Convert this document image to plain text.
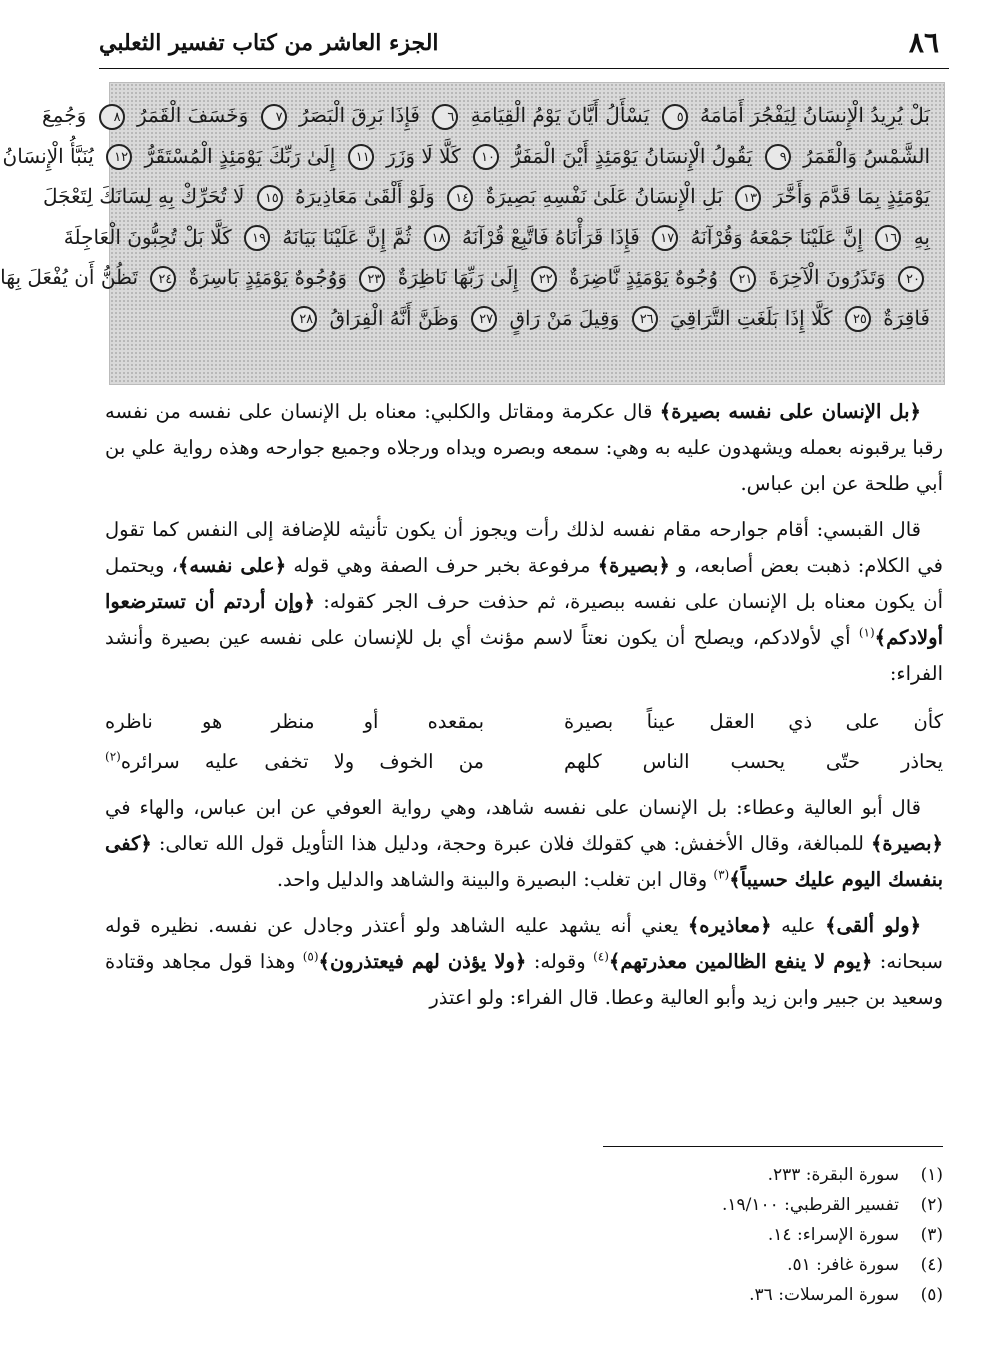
٨٦
الجزء العاشر من كتاب تفسير الثعلبي
بَلْ يُرِيدُ الْإِنسَانُ لِيَفْجُرَ أَمَامَهُ ٥ يَسْأَلُ أَيَّانَ يَوْمُ الْقِيَامَةِ ٦ فَإِذَا بَرِقَ الْبَصَرُ ٧ وَخَسَفَ الْقَمَرُ ٨ وَجُمِعَ
الشَّمْسُ وَالْقَمَرُ ٩ يَقُولُ الْإِنسَانُ يَوْمَئِذٍ أَيْنَ الْمَفَرُّ ١٠ كَلَّا لَا وَزَرَ ١١ إِلَىٰ رَبِّكَ يَوْمَئِذٍ الْمُسْتَقَرُّ ١٢ يُنَبَّأُ الْإِنسَانُ
يَوْمَئِذٍ بِمَا قَدَّمَ وَأَخَّرَ ١٣ بَلِ الْإِنسَانُ عَلَىٰ نَفْسِهِ بَصِيرَةٌ ١٤ وَلَوْ أَلْقَىٰ مَعَاذِيرَهُ ١٥ لَا تُحَرِّكْ بِهِ لِسَانَكَ لِتَعْجَلَ
بِهِ ١٦ إِنَّ عَلَيْنَا جَمْعَهُ وَقُرْآنَهُ ١٧ فَإِذَا قَرَأْنَاهُ فَاتَّبِعْ قُرْآنَهُ ١٨ ثُمَّ إِنَّ عَلَيْنَا بَيَانَهُ ١٩ كَلَّا بَلْ تُحِبُّونَ الْعَاجِلَةَ
٢٠ وَتَذَرُونَ الْآخِرَةَ ٢١ وُجُوهٌ يَوْمَئِذٍ نَّاضِرَةٌ ٢٢ إِلَىٰ رَبِّهَا نَاظِرَةٌ ٢٣ وَوُجُوهٌ يَوْمَئِذٍ بَاسِرَةٌ ٢٤ تَظُنُّ أَن يُفْعَلَ بِهَا
فَاقِرَةٌ ٢٥ كَلَّا إِذَا بَلَغَتِ التَّرَاقِيَ ٢٦ وَقِيلَ مَنْ رَاقٍ ٢٧ وَظَنَّ أَنَّهُ الْفِرَاقُ ٢٨

﴿بل الإنسان على نفسه بصيرة﴾ قال عكرمة ومقاتل والكلبي: معناه بل الإنسان على نفسه من نفسه رقبا يرقبونه بعمله ويشهدون عليه به وهي: سمعه وبصره ويداه ورجلاه وجميع جوارحه وهذه رواية علي بن أبي طلحة عن ابن عباس.

قال القبسي: أقام جوارحه مقام نفسه لذلك رأت ويجوز أن يكون تأنيثه للإضافة إلى النفس كما تقول في الكلام: ذهبت بعض أصابعه، و ﴿بصيرة﴾ مرفوعة بخبر حرف الصفة وهي قوله ﴿على نفسه﴾، ويحتمل أن يكون معناه بل الإنسان على نفسه ببصيرة، ثم حذفت حرف الجر كقوله: ﴿وإن أردتم أن تسترضعوا أولادكم﴾$^{(١)}$ أي لأولادكم، ويصلح أن يكون نعتاً لاسم مؤنث أي بل للإنسان على نفسه عين بصيرة وأنشد الفراء:

كأن على ذي العقل عيناً بصيرة
بمقعده أو منظر هو ناظره
يحاذر حتّى يحسب الناس كلهم
من الخوف ولا تخفى عليه سرائره$^{(٢)}$

قال أبو العالية وعطاء: بل الإنسان على نفسه شاهد، وهي رواية العوفي عن ابن عباس، والهاء في ﴿بصيرة﴾ للمبالغة، وقال الأخفش: هي كقولك فلان عبرة وحجة، ودليل هذا التأويل قول الله تعالى: ﴿كفى بنفسك اليوم عليك حسيباً﴾$^{(٣)}$ وقال ابن تغلب: البصيرة والبينة والشاهد والدليل واحد.

﴿ولو ألقى﴾ عليه ﴿معاذيره﴾ يعني أنه يشهد عليه الشاهد ولو أعتذر وجادل عن نفسه. نظيره قوله سبحانه: ﴿يوم لا ينفع الظالمين معذرتهم﴾$^{(٤)}$ وقوله: ﴿ولا يؤذن لهم فيعتذرون﴾$^{(٥)}$ وهذا قول مجاهد وقتادة وسعيد بن جبير وابن زيد وأبو العالية وعطا. قال الفراء: ولو اعتذر

(١)سورة البقرة: ٢٣٣.
(٢)تفسير القرطبي: ١٩/١٠٠.
(٣)سورة الإسراء: ١٤.
(٤)سورة غافر: ٥١.
(٥)سورة المرسلات: ٣٦.
